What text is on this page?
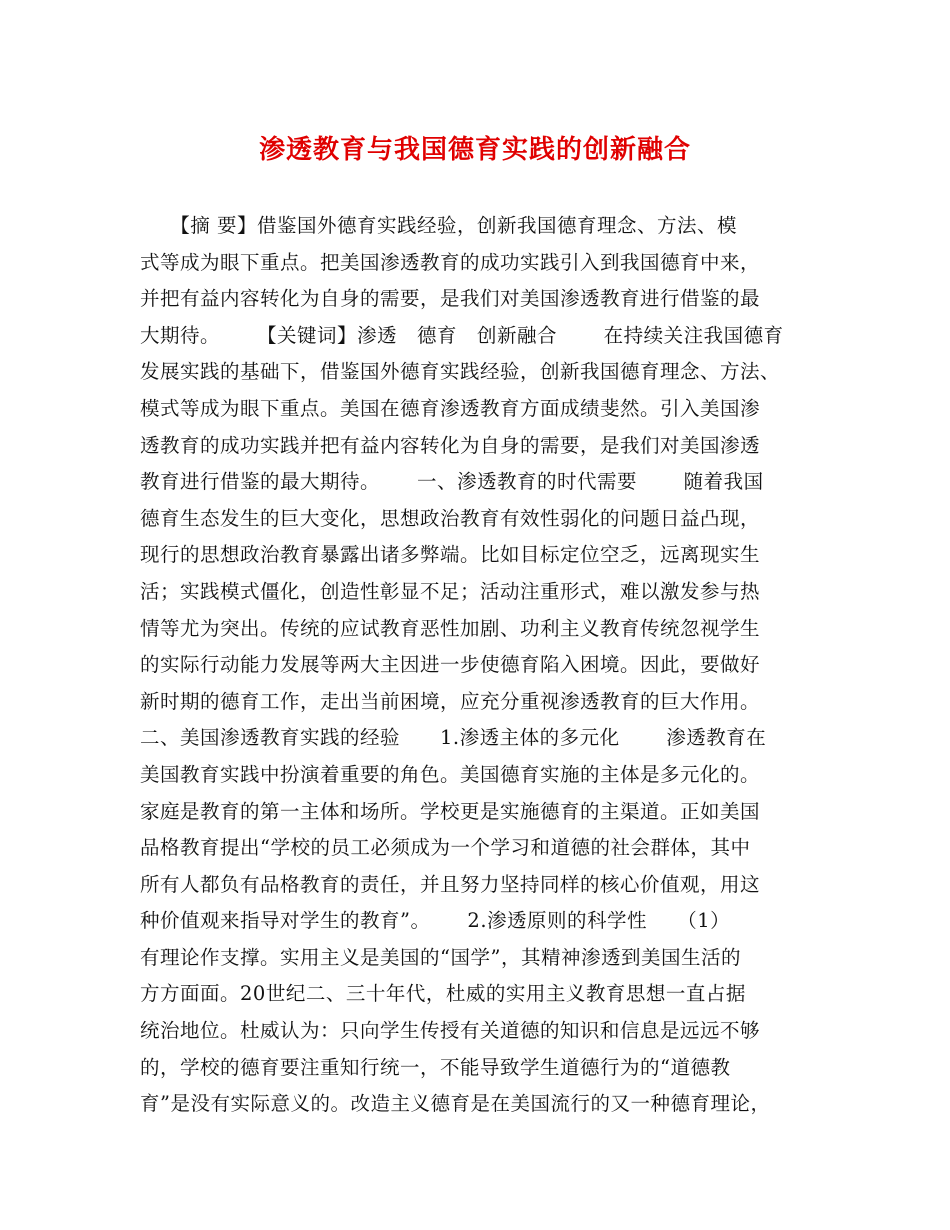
渗透教育与我国德育实践的创新融合
　　【摘 要】借鉴国外德育实践经验，创新我国德育理念、方法、模
式等成为眼下重点。把美国渗透教育的成功实践引入到我国德育中来，
并把有益内容转化为自身的需要，是我们对美国渗透教育进行借鉴的最
大期待。　　 【关键词】渗透　德育　创新融合　　 在持续关注我国德育
发展实践的基础下，借鉴国外德育实践经验，创新我国德育理念、方法、
模式等成为眼下重点。美国在德育渗透教育方面成绩斐然。引入美国渗
透教育的成功实践并把有益内容转化为自身的需要，是我们对美国渗透
教育进行借鉴的最大期待。　　 一、渗透教育的时代需要　　 随着我国
德育生态发生的巨大变化，思想政治教育有效性弱化的问题日益凸现，
现行的思想政治教育暴露出诸多弊端。比如目标定位空乏，远离现实生
活；实践模式僵化，创造性彰显不足；活动注重形式，难以激发参与热
情等尤为突出。传统的应试教育恶性加剧、功利主义教育传统忽视学生
的实际行动能力发展等两大主因进一步使德育陷入困境。因此，要做好
新时期的德育工作，走出当前困境，应充分重视渗透教育的巨大作用。
二、美国渗透教育实践的经验　　1.渗透主体的多元化　　 渗透教育在
美国教育实践中扮演着重要的角色。美国德育实施的主体是多元化的。
家庭是教育的第一主体和场所。学校更是实施德育的主渠道。正如美国
品格教育提出“学校的员工必须成为一个学习和道德的社会群体，其中
所有人都负有品格教育的责任，并且努力坚持同样的核心价值观，用这
种价值观来指导对学生的教育”。　　 2.渗透原则的科学性　　（1）
有理论作支撑。实用主义是美国的“国学”，其精神渗透到美国生活的
方方面面。20世纪二、三十年代，杜威的实用主义教育思想一直占据
统治地位。杜威认为：只向学生传授有关道德的知识和信息是远远不够
的，学校的德育要注重知行统一，不能导致学生道德行为的“道德教
育”是没有实际意义的。改造主义德育是在美国流行的又一种德育理论，
